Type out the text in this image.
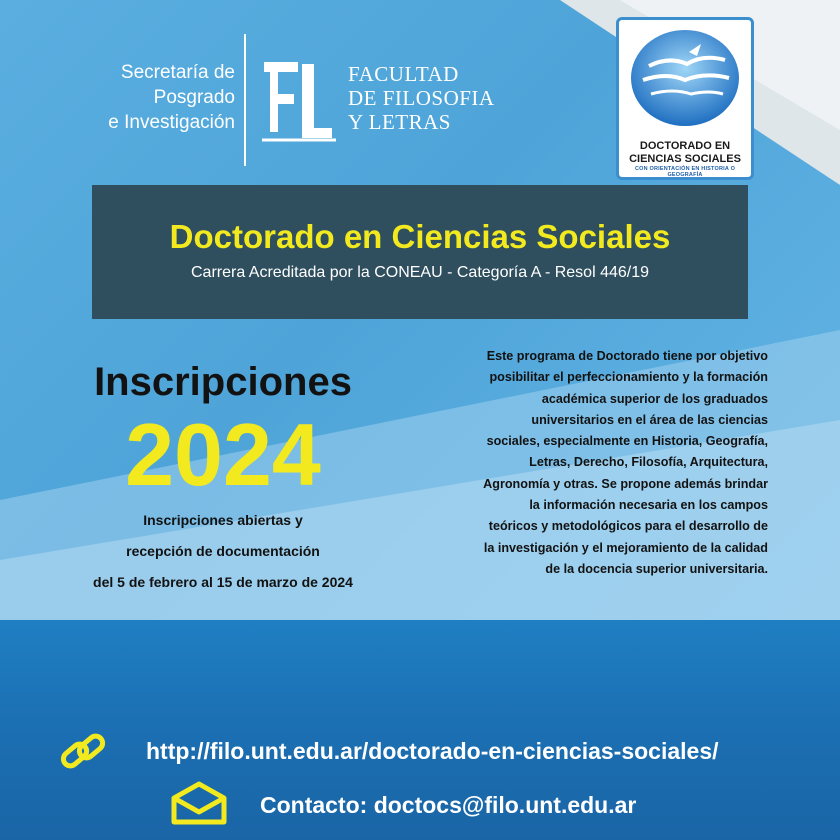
Secretaría de
Posgrado
e Investigación
FACULTAD
DE FILOSOFIA
Y LETRAS
DOCTORADO EN
CIENCIAS SOCIALES
CON ORIENTACIÓN EN HISTORIA O GEOGRAFÍA
Doctorado en Ciencias Sociales
Carrera Acreditada por la CONEAU - Categoría A - Resol 446/19
Inscripciones
2024
Inscripciones abiertas y
recepción de documentación
del 5 de febrero al 15 de marzo de 2024
Este programa de Doctorado tiene por objetivo
posibilitar el perfeccionamiento y la formación
académica superior de los graduados
universitarios en el área de las ciencias
sociales, especialmente en Historia, Geografía,
Letras, Derecho, Filosofía, Arquitectura,
Agronomía y otras. Se propone además brindar
la información necesaria en los campos
teóricos y metodológicos para el desarrollo de
la investigación y el mejoramiento de la calidad
de la docencia superior universitaria.
http://filo.unt.edu.ar/doctorado-en-ciencias-sociales/
Contacto: doctocs@filo.unt.edu.ar
